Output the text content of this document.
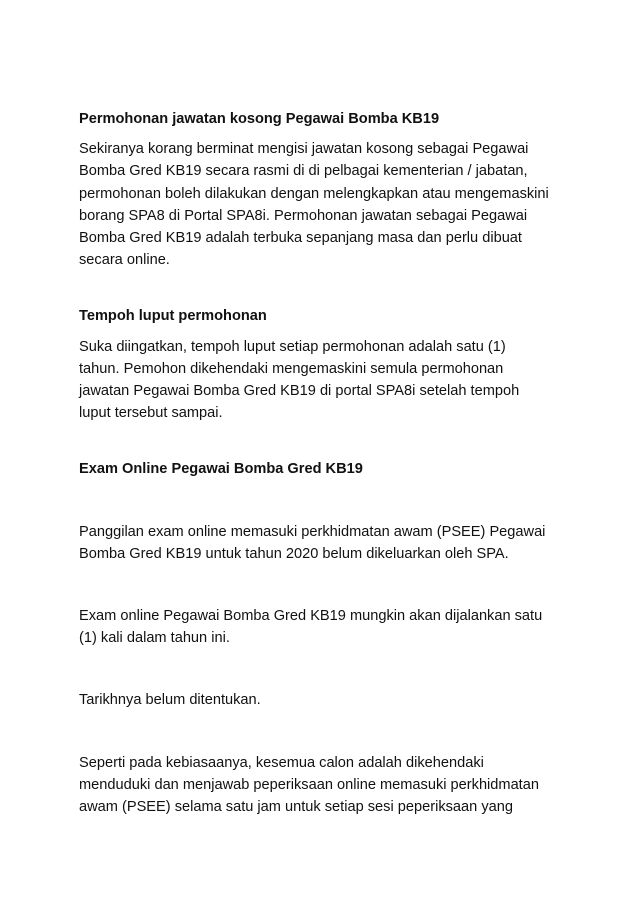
Permohonan jawatan kosong Pegawai Bomba KB19

Sekiranya korang berminat mengisi jawatan kosong sebagai Pegawai
Bomba Gred KB19 secara rasmi di di pelbagai kementerian / jabatan,
permohonan boleh dilakukan dengan melengkapkan atau mengemaskini
borang SPA8 di Portal SPA8i. Permohonan jawatan sebagai Pegawai
Bomba Gred KB19 adalah terbuka sepanjang masa dan perlu dibuat
secara online.

Tempoh luput permohonan

Suka diingatkan, tempoh luput setiap permohonan adalah satu (1)
tahun. Pemohon dikehendaki mengemaskini semula permohonan
jawatan Pegawai Bomba Gred KB19 di portal SPA8i setelah tempoh
luput tersebut sampai.

Exam Online Pegawai Bomba Gred KB19

Panggilan exam online memasuki perkhidmatan awam (PSEE) Pegawai
Bomba Gred KB19 untuk tahun 2020 belum dikeluarkan oleh SPA.

Exam online Pegawai Bomba Gred KB19 mungkin akan dijalankan satu
(1) kali dalam tahun ini.

Tarikhnya belum ditentukan.

Seperti pada kebiasaanya, kesemua calon adalah dikehendaki
menduduki dan menjawab peperiksaan online memasuki perkhidmatan
awam (PSEE) selama satu jam untuk setiap sesi peperiksaan yang
